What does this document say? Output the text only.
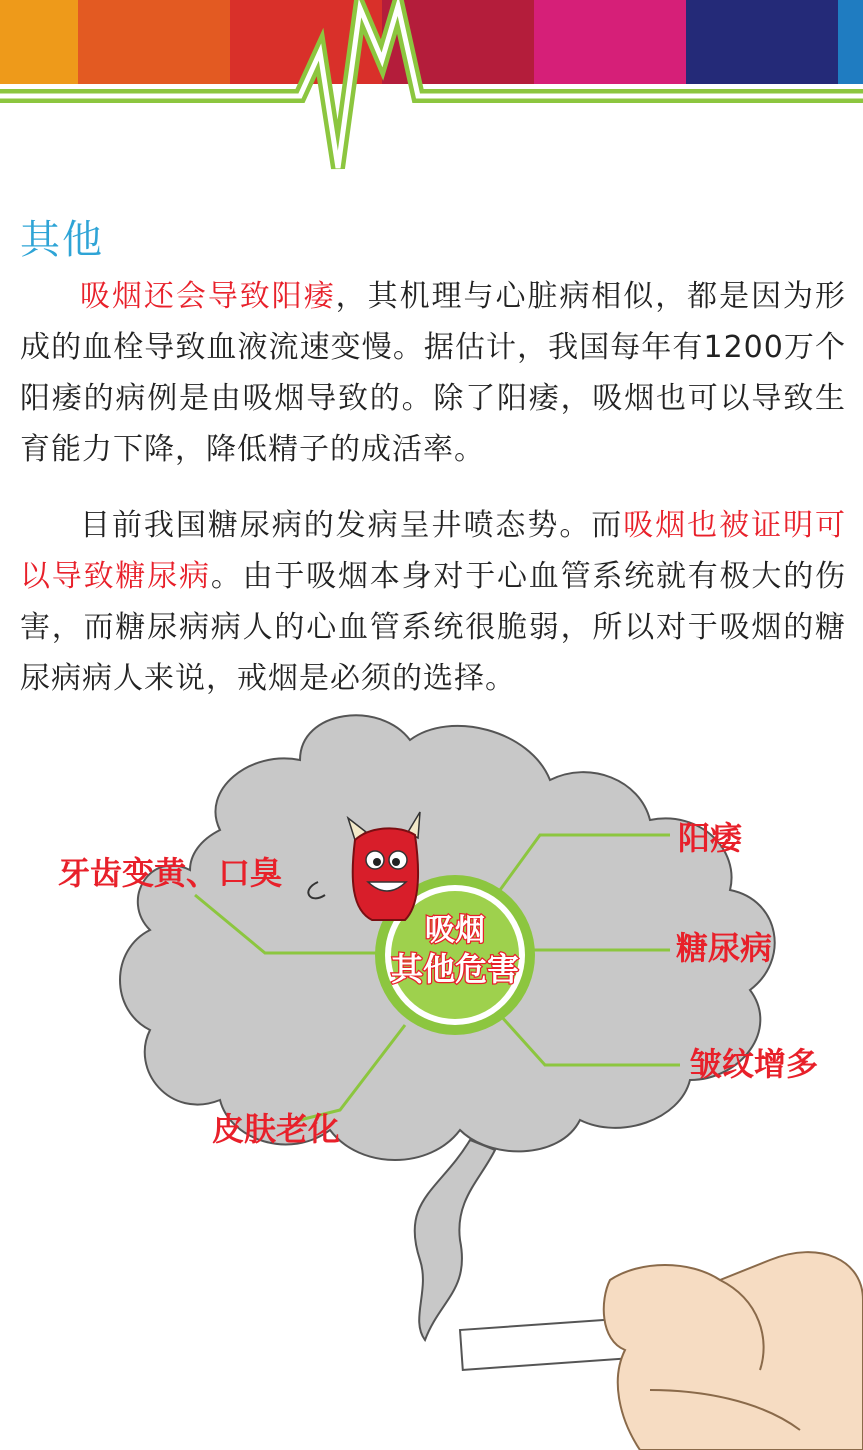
其他

吸烟还会导致阳痿，其机理与心脏病相似，都是因为形成的血栓导致血液流速变慢。据估计，我国每年有1200万个阳痿的病例是由吸烟导致的。除了阳痿，吸烟也可以导致生育能力下降，降低精子的成活率。

目前我国糖尿病的发病呈井喷态势。而吸烟也被证明可以导致糖尿病。由于吸烟本身对于心血管系统就有极大的伤害，而糖尿病病人的心血管系统很脆弱，所以对于吸烟的糖尿病病人来说，戒烟是必须的选择。

吸烟
其他危害
牙齿变黄、口臭
阳痿
糖尿病
皱纹增多
皮肤老化
